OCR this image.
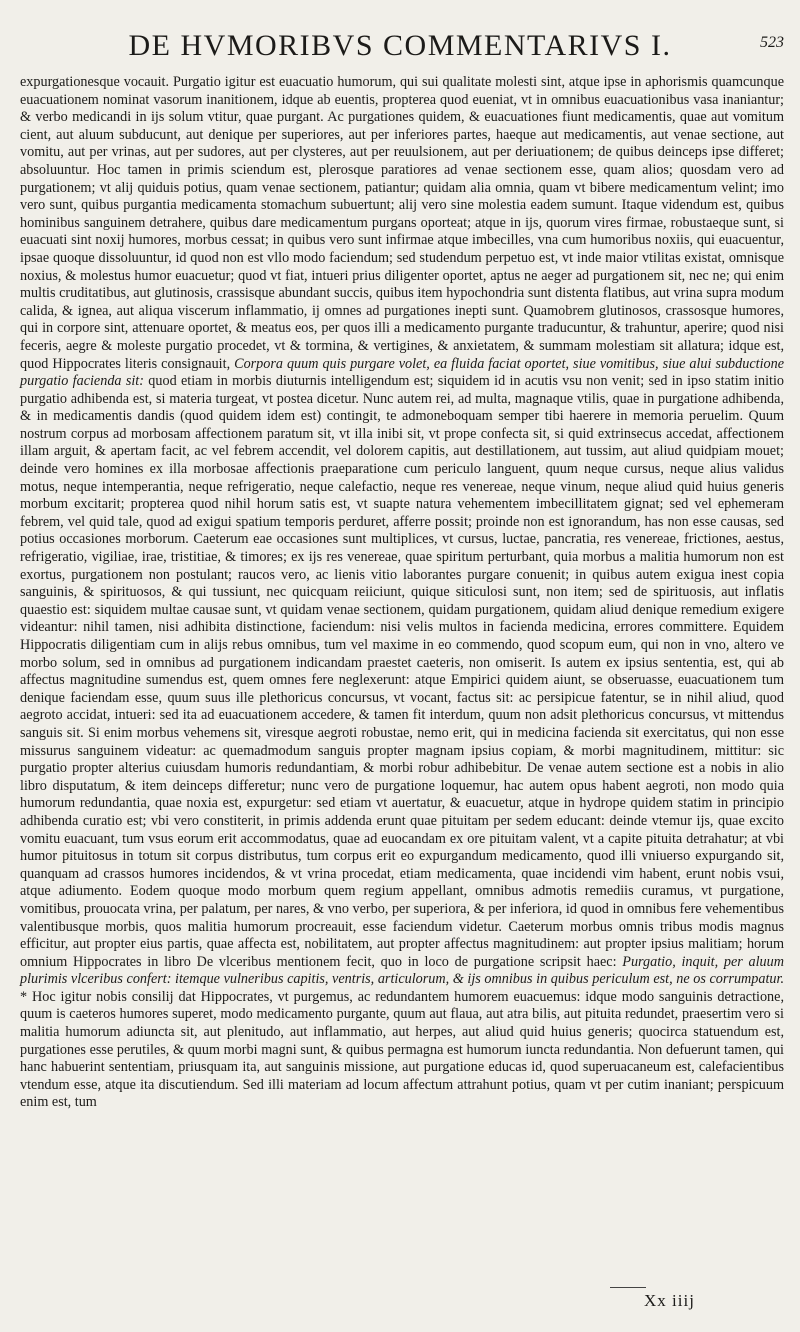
DE HVMORIBVS COMMENTARIVS I.	523

expurgationesque vocauit. Purgatio igitur est euacuatio humorum, qui sui qualitate molesti sint, atque ipse in aphorismis quamcunque euacuationem nominat vasorum inanitionem, idque ab euentis, propterea quod eueniat, vt in omnibus euacuationibus vasa inaniantur; & verbo medicandi in ijs solum vtitur, quae purgant. Ac purgationes quidem, & euacuationes fiunt medicamentis, quae aut vomitum cient, aut aluum subducunt, aut denique per superiores, aut per inferiores partes, haeque aut medicamentis, aut venae sectione, aut vomitu, aut per vrinas, aut per sudores, aut per clysteres, aut per reuulsionem, aut per deriuationem; de quibus deinceps ipse differet; absoluuntur. Hoc tamen in primis sciendum est, plerosque paratiores ad venae sectionem esse, quam alios; quosdam vero ad purgationem; vt alij quiduis potius, quam venae sectionem, patiantur; quidam alia omnia, quam vt bibere medicamentum velint; imo vero sunt, quibus purgantia medicamenta stomachum subuertunt; alij vero sine molestia eadem sumunt. Itaque videndum est, quibus hominibus sanguinem detrahere, quibus dare medicamentum purgans oporteat; atque in ijs, quorum vires firmae, robustaeque sunt, si euacuati sint noxij humores, morbus cessat; in quibus vero sunt infirmae atque imbecilles, vna cum humoribus noxiis, qui euacuentur, ipsae quoque dissoluuntur, id quod non est vllo modo faciendum; sed studendum perpetuo est, vt inde maior vtilitas existat, omnisque noxius, & molestus humor euacuetur; quod vt fiat, intueri prius diligenter oportet, aptus ne aeger ad purgationem sit, nec ne; qui enim multis cruditatibus, aut glutinosis, crassisque abundant succis, quibus item hypochondria sunt distenta flatibus, aut vrina supra modum calida, & ignea, aut aliqua viscerum inflammatio, ij omnes ad purgationes inepti sunt. Quamobrem glutinosos, crassosque humores, qui in corpore sint, attenuare oportet, & meatus eos, per quos illi a medicamento purgante traducuntur, & trahuntur, aperire; quod nisi feceris, aegre & moleste purgatio procedet, vt & tormina, & vertigines, & anxietatem, & summam molestiam sit allatura; idque est, quod Hippocrates literis consignauit, Corpora quum quis purgare volet, ea fluida faciat oportet, siue vomitibus, siue alui subductione purgatio facienda sit: quod etiam in morbis diuturnis intelligendum est; siquidem id in acutis vsu non venit; sed in ipso statim initio purgatio adhibenda est, si materia turgeat, vt postea dicetur. Nunc autem rei, ad multa, magnaque vtilis, quae in purgatione adhibenda, & in medicamentis dandis (quod quidem idem est) contingit, te admoneboquam semper tibi haerere in memoria peruelim. Quum nostrum corpus ad morbosam affectionem paratum sit, vt illa inibi sit, vt prope confecta sit, si quid extrinsecus accedat, affectionem illam arguit, & apertam facit, ac vel febrem accendit, vel dolorem capitis, aut destillationem, aut tussim, aut aliud quidpiam mouet; deinde vero homines ex illa morbosae affectionis praeparatione cum periculo languent, quum neque cursus, neque alius validus motus, neque intemperantia, neque refrigeratio, neque calefactio, neque res venereae, neque vinum, neque aliud quid huius generis morbum excitarit; propterea quod nihil horum satis est, vt suapte natura vehementem imbecillitatem gignat; sed vel ephemeram febrem, vel quid tale, quod ad exigui spatium temporis perduret, afferre possit; proinde non est ignorandum, has non esse causas, sed potius occasiones morborum. Caeterum eae occasiones sunt multiplices, vt cursus, luctae, pancratia, res venereae, frictiones, aestus, refrigeratio, vigiliae, irae, tristitiae, & timores; ex ijs res venereae, quae spiritum perturbant, quia morbus a malitia humorum non est exortus, purgationem non postulant; raucos vero, ac lienis vitio laborantes purgare conuenit; in quibus autem exigua inest copia sanguinis, & spirituosos, & qui tussiunt, nec quicquam reiiciunt, quique siticulosi sunt, non item; sed de spirituosis, aut inflatis quaestio est: siquidem multae causae sunt, vt quidam venae sectionem, quidam purgationem, quidam aliud denique remedium exigere videantur: nihil tamen, nisi adhibita distinctione, faciendum: nisi velis multos in facienda medicina, errores committere. Equidem Hippocratis diligentiam cum in alijs rebus omnibus, tum vel maxime in eo commendo, quod scopum eum, qui non in vno, altero ve morbo solum, sed in omnibus ad purgationem indicandam praestet caeteris, non omiserit. Is autem ex ipsius sententia, est, qui ab affectus magnitudine sumendus est, quem omnes fere neglexerunt: atque Empirici quidem aiunt, se obseruasse, euacuationem tum denique faciendam esse, quum suus ille plethoricus concursus, vt vocant, factus sit: ac persipicue fatentur, se in nihil aliud, quod aegroto accidat, intueri: sed ita ad euacuationem accedere, & tamen fit interdum, quum non adsit plethoricus concursus, vt mittendus sanguis sit. Si enim morbus vehemens sit, viresque aegroti robustae, nemo erit, qui in medicina facienda sit exercitatus, qui non esse missurus sanguinem videatur: ac quemadmodum sanguis propter magnam ipsius copiam, & morbi magnitudinem, mittitur: sic purgatio propter alterius cuiusdam humoris redundantiam, & morbi robur adhibebitur. De venae autem sectione est a nobis in alio libro disputatum, & item deinceps differetur; nunc vero de purgatione loquemur, hac autem opus habent aegroti, non modo quia humorum redundantia, quae noxia est, expurgetur: sed etiam vt auertatur, & euacuetur, atque in hydrope quidem statim in principio adhibenda curatio est; vbi vero constiterit, in primis addenda erunt quae pituitam per sedem educant: deinde vtemur ijs, quae excito vomitu euacuant, tum vsus eorum erit accommodatus, quae ad euocandam ex ore pituitam valent, vt a capite pituita detrahatur; at vbi humor pituitosus in totum sit corpus distributus, tum corpus erit eo expurgandum medicamento, quod illi vniuerso expurgando sit, quanquam ad crassos humores incidendos, & vt vrina procedat, etiam medicamenta, quae incidendi vim habent, erunt nobis vsui, atque adiumento. Eodem quoque modo morbum quem regium appellant, omnibus admotis remediis curamus, vt purgatione, vomitibus, prouocata vrina, per palatum, per nares, & vno verbo, per superiora, & per inferiora, id quod in omnibus fere vehementibus valentibusque morbis, quos malitia humorum procreauit, esse faciendum videtur. Caeterum morbus omnis tribus modis magnus efficitur, aut propter eius partis, quae affecta est, nobilitatem, aut propter affectus magnitudinem: aut propter ipsius malitiam; horum omnium Hippocrates in libro De vlceribus mentionem fecit, quo in loco de purgatione scripsit haec: Purgatio, inquit, per aluum plurimis vlceribus confert: itemque vulneribus capitis, ventris, articulorum, & ijs omnibus in quibus periculum est, ne os corrumpatur. * Hoc igitur nobis consilij dat Hippocrates, vt purgemus, ac redundantem humorem euacuemus: idque modo sanguinis detractione, quum is caeteros humores superet, modo medicamento purgante, quum aut flaua, aut atra bilis, aut pituita redundet, praesertim vero si malitia humorum adiuncta sit, aut plenitudo, aut inflammatio, aut herpes, aut aliud quid huius generis; quocirca statuendum est, purgationes esse perutiles, & quum morbi magni sunt, & quibus permagna est humorum iuncta redundantia. Non defuerunt tamen, qui hanc habuerint sententiam, priusquam ita, aut sanguinis missione, aut purgatione educas id, quod superuacaneum est, calefacientibus vtendum esse, atque ita discutiendum. Sed illi materiam ad locum affectum attrahunt potius, quam vt per cutim inaniant; perspicuum enim est, tum

Xx iiij
